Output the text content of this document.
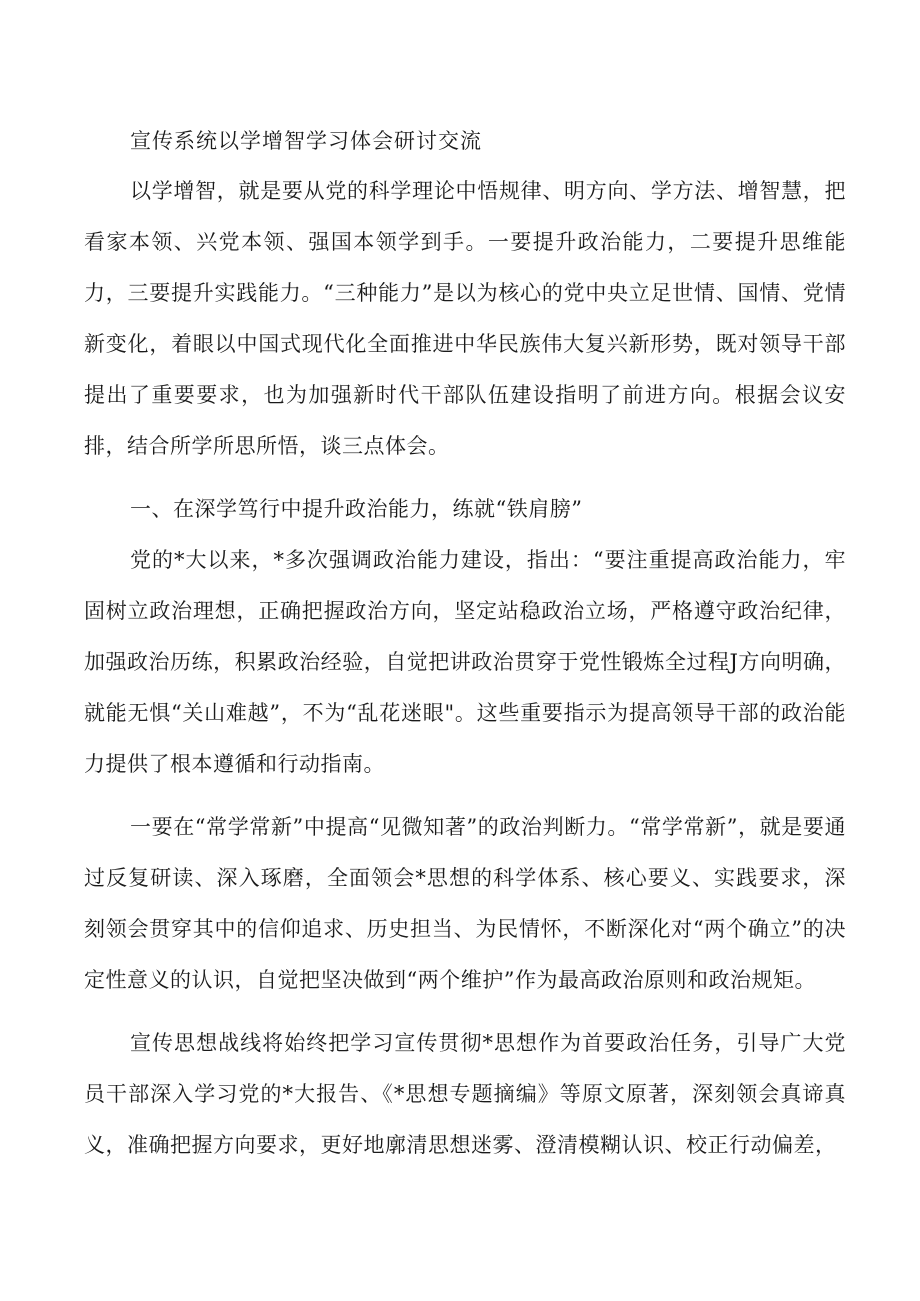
宣传系统以学增智学习体会研讨交流

以学增智，就是要从党的科学理论中悟规律、明方向、学方法、增智慧，把看家本领、兴党本领、强国本领学到手。一要提升政治能力，二要提升思维能力，三要提升实践能力。“三种能力”是以为核心的党中央立足世情、国情、党情新变化，着眼以中国式现代化全面推进中华民族伟大复兴新形势，既对领导干部提出了重要要求，也为加强新时代干部队伍建设指明了前进方向。根据会议安排，结合所学所思所悟，谈三点体会。

一、在深学笃行中提升政治能力，练就“铁肩膀”

党的*大以来，*多次强调政治能力建设，指出：“要注重提高政治能力，牢固树立政治理想，正确把握政治方向，坚定站稳政治立场，严格遵守政治纪律，加强政治历练，积累政治经验，自觉把讲政治贯穿于党性锻炼全过程J方向明确，就能无惧“关山难越”，不为“乱花迷眼"。这些重要指示为提高领导干部的政治能力提供了根本遵循和行动指南。

一要在“常学常新”中提高“见微知著”的政治判断力。“常学常新”，就是要通过反复研读、深入琢磨，全面领会*思想的科学体系、核心要义、实践要求，深刻领会贯穿其中的信仰追求、历史担当、为民情怀，不断深化对“两个确立”的决定性意义的认识，自觉把坚决做到“两个维护”作为最高政治原则和政治规矩。

宣传思想战线将始终把学习宣传贯彻*思想作为首要政治任务，引导广大党员干部深入学习党的*大报告、《*思想专题摘编》等原文原著，深刻领会真谛真义，准确把握方向要求，更好地廓清思想迷雾、澄清模糊认识、校正行动偏差，
